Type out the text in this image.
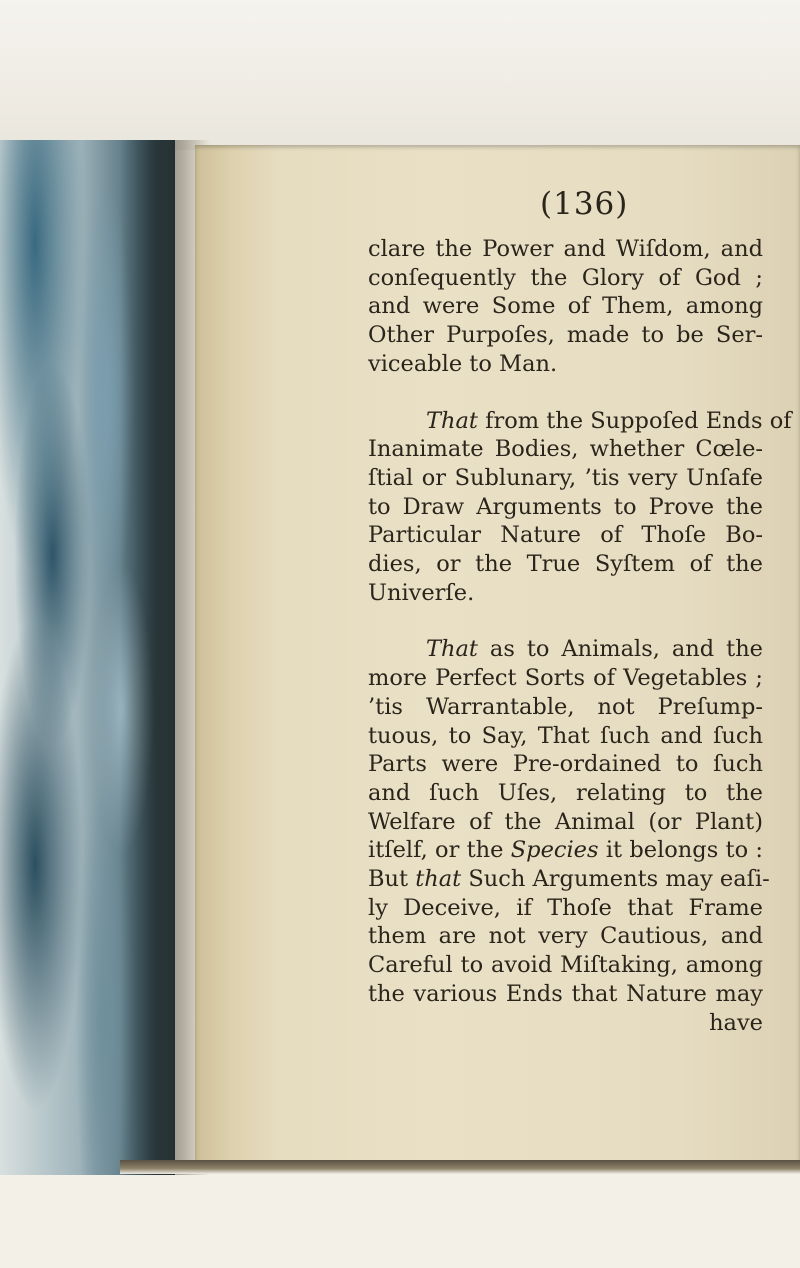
(136)
clare the Power and Wiſdom, and
conſequently the Glory of God ;
and were Some of Them, among
Other Purpoſes, made to be Ser-
viceable to Man.
That from the Suppoſed Ends of
Inanimate Bodies, whether Cœle-
ſtial or Sublunary, ’tis very Unſafe
to Draw Arguments to Prove the
Particular Nature of Thoſe Bo-
dies, or the True Syſtem of the
Univerſe.
That as to Animals, and the
more Perfect Sorts of Vegetables ;
’tis Warrantable, not Preſump-
tuous, to Say, That ſuch and ſuch
Parts were Pre-ordained to ſuch
and ſuch Uſes, relating to the
Welfare of the Animal (or Plant)
itſelf, or the Species it belongs to :
But that Such Arguments may eaſi-
ly Deceive, if Thoſe that Frame
them are not very Cautious, and
Careful to avoid Miſtaking, among
the various Ends that Nature may
have
